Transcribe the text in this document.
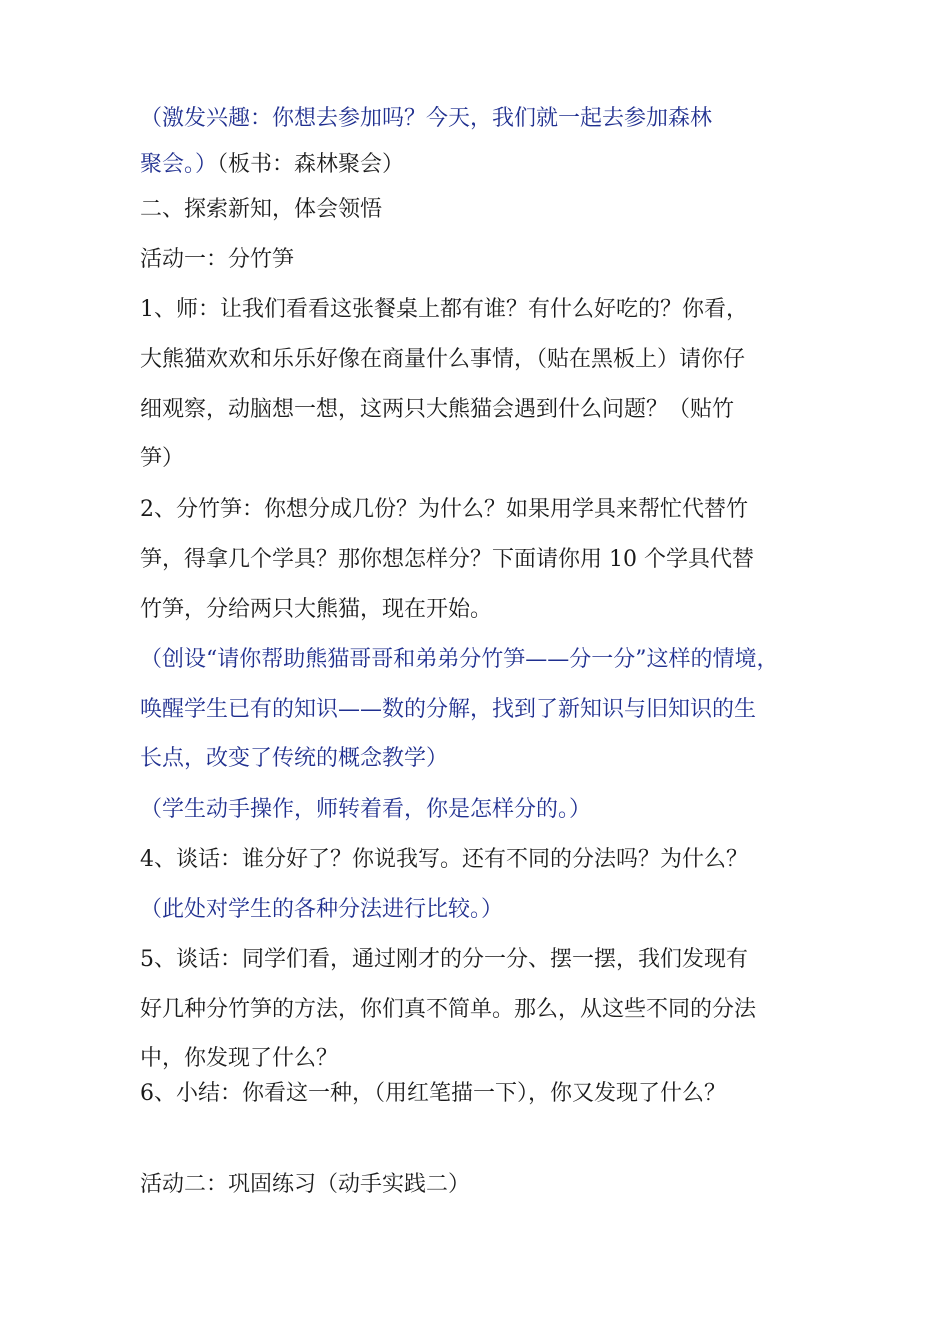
（激发兴趣：你想去参加吗？今天，我们就一起去参加森林

聚会。）（板书：森林聚会）

二、探索新知，体会领悟

活动一：分竹笋

1、师：让我们看看这张餐桌上都有谁？有什么好吃的？你看，

大熊猫欢欢和乐乐好像在商量什么事情，（贴在黑板上）请你仔

细观察，动脑想一想，这两只大熊猫会遇到什么问题？（贴竹

笋）

2、分竹笋：你想分成几份？为什么？如果用学具来帮忙代替竹

笋，得拿几个学具？那你想怎样分？下面请你用 10 个学具代替

竹笋，分给两只大熊猫，现在开始。

（创设“请你帮助熊猫哥哥和弟弟分竹笋——分一分”这样的情境，

唤醒学生已有的知识——数的分解，找到了新知识与旧知识的生

长点，改变了传统的概念教学）

（学生动手操作，师转着看，你是怎样分的。）

4、谈话：谁分好了？你说我写。还有不同的分法吗？为什么？

（此处对学生的各种分法进行比较。）

5、谈话：同学们看，通过刚才的分一分、摆一摆，我们发现有

好几种分竹笋的方法，你们真不简单。那么，从这些不同的分法

中，你发现了什么？

6、小结：你看这一种，（用红笔描一下），你又发现了什么？

活动二：巩固练习（动手实践二）
